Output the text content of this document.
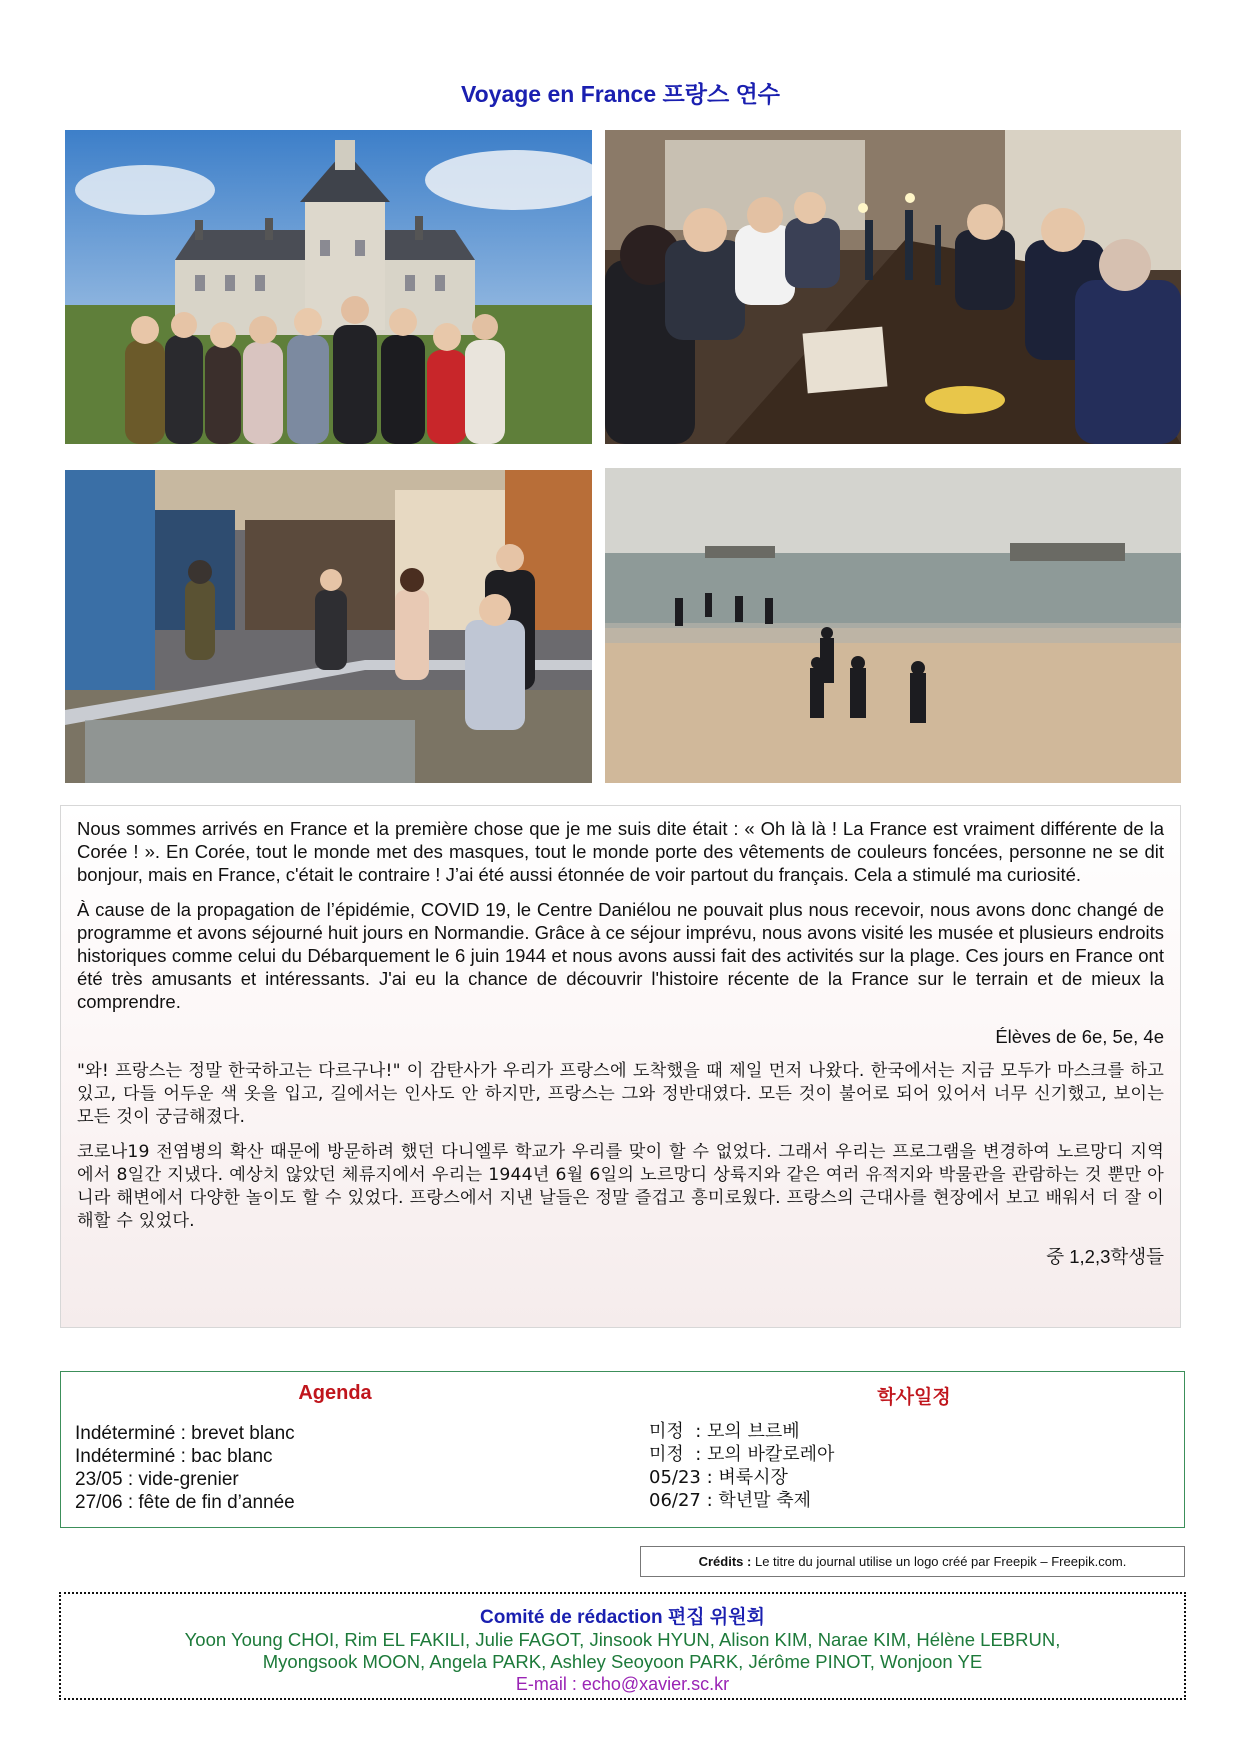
Voyage en France 프랑스 연수

Nous sommes arrivés en France et la première chose que je me suis dite était : « Oh là là ! La France est vraiment différente de la Corée ! ». En Corée, tout le monde met des masques, tout le monde porte des vêtements de couleurs foncées, personne ne se dit bonjour, mais en France, c'était le contraire ! J’ai été aussi étonnée de voir partout du français. Cela a stimulé ma curiosité.

À cause de la propagation de l’épidémie, COVID 19, le Centre Daniélou ne pouvait plus nous recevoir, nous avons donc changé de programme et avons séjourné huit jours en Normandie. Grâce à ce séjour imprévu, nous avons visité les musée et plusieurs endroits historiques comme celui du Débarquement le 6 juin 1944 et nous avons aussi fait des activités sur la plage. Ces jours en France ont été très amusants et intéressants. J'ai eu la chance de découvrir l'histoire récente de la France sur le terrain et de mieux la comprendre.

Élèves de 6e, 5e, 4e

"와! 프랑스는 정말 한국하고는 다르구나!" 이 감탄사가 우리가 프랑스에 도착했을 때 제일 먼저 나왔다. 한국에서는 지금 모두가 마스크를 하고 있고, 다들 어두운 색 옷을 입고, 길에서는 인사도 안 하지만, 프랑스는 그와 정반대였다. 모든 것이 불어로 되어 있어서 너무 신기했고, 보이는 모든 것이 궁금해졌다.

코로나19 전염병의 확산 때문에 방문하려 했던 다니엘루 학교가 우리를 맞이 할 수 없었다. 그래서 우리는 프로그램을 변경하여 노르망디 지역에서 8일간 지냈다. 예상치 않았던 체류지에서 우리는 1944년 6월 6일의 노르망디 상륙지와 같은 여러 유적지와 박물관을 관람하는 것 뿐만 아니라 해변에서 다양한 놀이도 할 수 있었다. 프랑스에서 지낸 날들은 정말 즐겁고 흥미로웠다. 프랑스의 근대사를 현장에서 보고 배워서 더 잘 이해할 수 있었다.

중 1,2,3학생들

Agenda
Indéterminé : brevet blanc
Indéterminé : bac blanc
23/05 : vide-grenier
27/06 : fête de fin d’année
학사일정
미정  : 모의 브르베
미정  : 모의 바칼로레아
05/23 : 벼룩시장
06/27 : 학년말 축제
Crédits : Le titre du journal utilise un logo créé par Freepik – Freepik.com.
Comité de rédaction 편집 위원회
Yoon Young CHOI, Rim EL FAKILI, Julie FAGOT, Jinsook HYUN, Alison KIM, Narae KIM, Hélène LEBRUN,
Myongsook MOON, Angela PARK, Ashley Seoyoon PARK, Jérôme PINOT, Wonjoon YE
E-mail : echo@xavier.sc.kr
